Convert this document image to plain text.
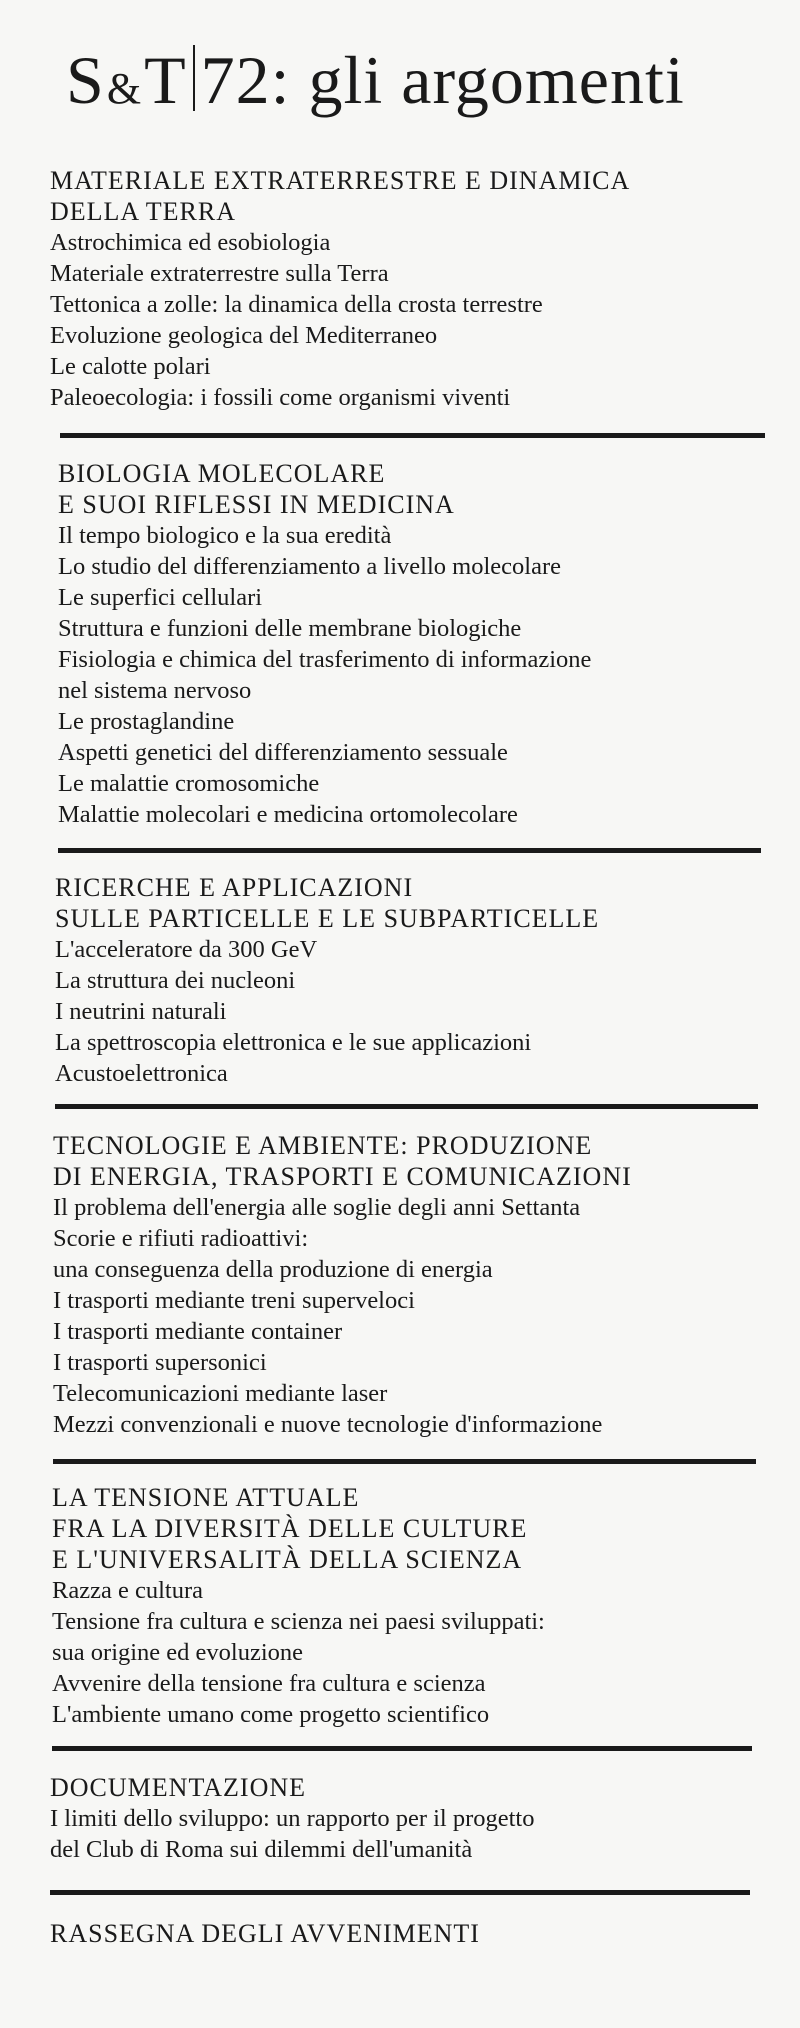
S&T 72: gli argomenti
MATERIALE EXTRATERRESTRE E DINAMICA
DELLA TERRA
Astrochimica ed esobiologia
Materiale extraterrestre sulla Terra
Tettonica a zolle: la dinamica della crosta terrestre
Evoluzione geologica del Mediterraneo
Le calotte polari
Paleoecologia: i fossili come organismi viventi
BIOLOGIA MOLECOLARE
E SUOI RIFLESSI IN MEDICINA
Il tempo biologico e la sua eredità
Lo studio del differenziamento a livello molecolare
Le superfici cellulari
Struttura e funzioni delle membrane biologiche
Fisiologia e chimica del trasferimento di informazione
nel sistema nervoso
Le prostaglandine
Aspetti genetici del differenziamento sessuale
Le malattie cromosomiche
Malattie molecolari e medicina ortomolecolare
RICERCHE E APPLICAZIONI
SULLE PARTICELLE E LE SUBPARTICELLE
L'acceleratore da 300 GeV
La struttura dei nucleoni
I neutrini naturali
La spettroscopia elettronica e le sue applicazioni
Acustoelettronica
TECNOLOGIE E AMBIENTE: PRODUZIONE
DI ENERGIA, TRASPORTI E COMUNICAZIONI
Il problema dell'energia alle soglie degli anni Settanta
Scorie e rifiuti radioattivi:
una conseguenza della produzione di energia
I trasporti mediante treni superveloci
I trasporti mediante container
I trasporti supersonici
Telecomunicazioni mediante laser
Mezzi convenzionali e nuove tecnologie d'informazione
LA TENSIONE ATTUALE
FRA LA DIVERSITÀ DELLE CULTURE
E L'UNIVERSALITÀ DELLA SCIENZA
Razza e cultura
Tensione fra cultura e scienza nei paesi sviluppati:
sua origine ed evoluzione
Avvenire della tensione fra cultura e scienza
L'ambiente umano come progetto scientifico
DOCUMENTAZIONE
I limiti dello sviluppo: un rapporto per il progetto
del Club di Roma sui dilemmi dell'umanità
RASSEGNA DEGLI AVVENIMENTI
